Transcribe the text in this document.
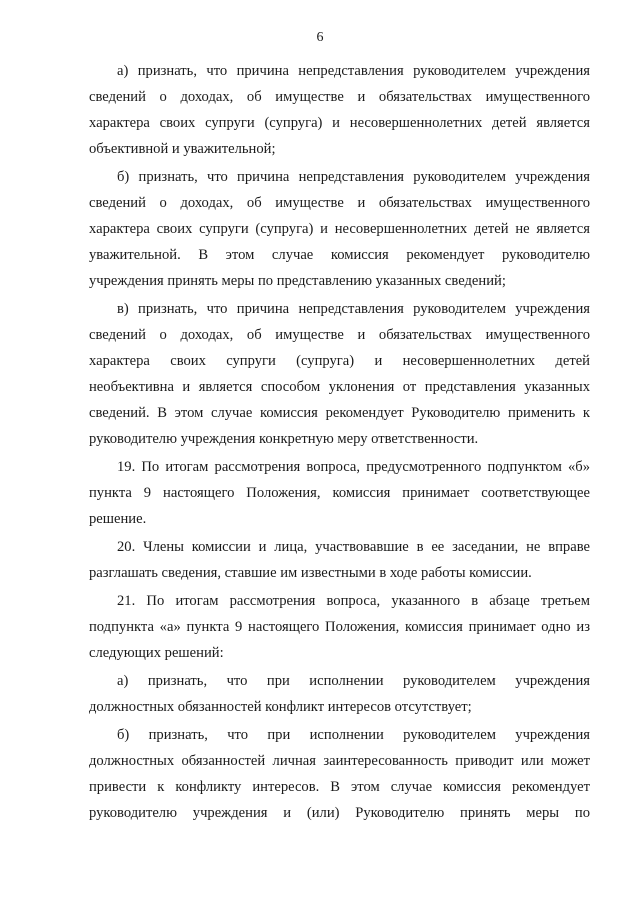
6
а) признать, что причина непредставления руководителем учреждения
сведений о доходах, об имуществе и обязательствах имущественного
характера своих супруги (супруга) и несовершеннолетних детей является
объективной и уважительной;
б) признать, что причина непредставления руководителем учреждения
сведений о доходах, об имуществе и обязательствах имущественного
характера своих супруги (супруга) и несовершеннолетних детей не является
уважительной. В этом случае комиссия рекомендует руководителю
учреждения принять меры по представлению указанных сведений;
в) признать, что причина непредставления руководителем учреждения
сведений о доходах, об имуществе и обязательствах имущественного
характера своих супруги (супруга) и несовершеннолетних детей
необъективна и является способом уклонения от представления указанных
сведений. В этом случае комиссия рекомендует Руководителю применить к
руководителю учреждения конкретную меру ответственности.
19. По итогам рассмотрения вопроса, предусмотренного подпунктом «б»
пункта 9 настоящего Положения, комиссия принимает соответствующее
решение.
20. Члены комиссии и лица, участвовавшие в ее заседании, не вправе
разглашать сведения, ставшие им известными в ходе работы комиссии.
21. По итогам рассмотрения вопроса, указанного в абзаце третьем
подпункта «а» пункта 9 настоящего Положения, комиссия принимает одно из
следующих решений:
а) признать, что при исполнении руководителем учреждения
должностных обязанностей конфликт интересов отсутствует;
б) признать, что при исполнении руководителем учреждения
должностных обязанностей личная заинтересованность приводит или может
привести к конфликту интересов. В этом случае комиссия рекомендует
руководителю учреждения и (или) Руководителю принять меры по
